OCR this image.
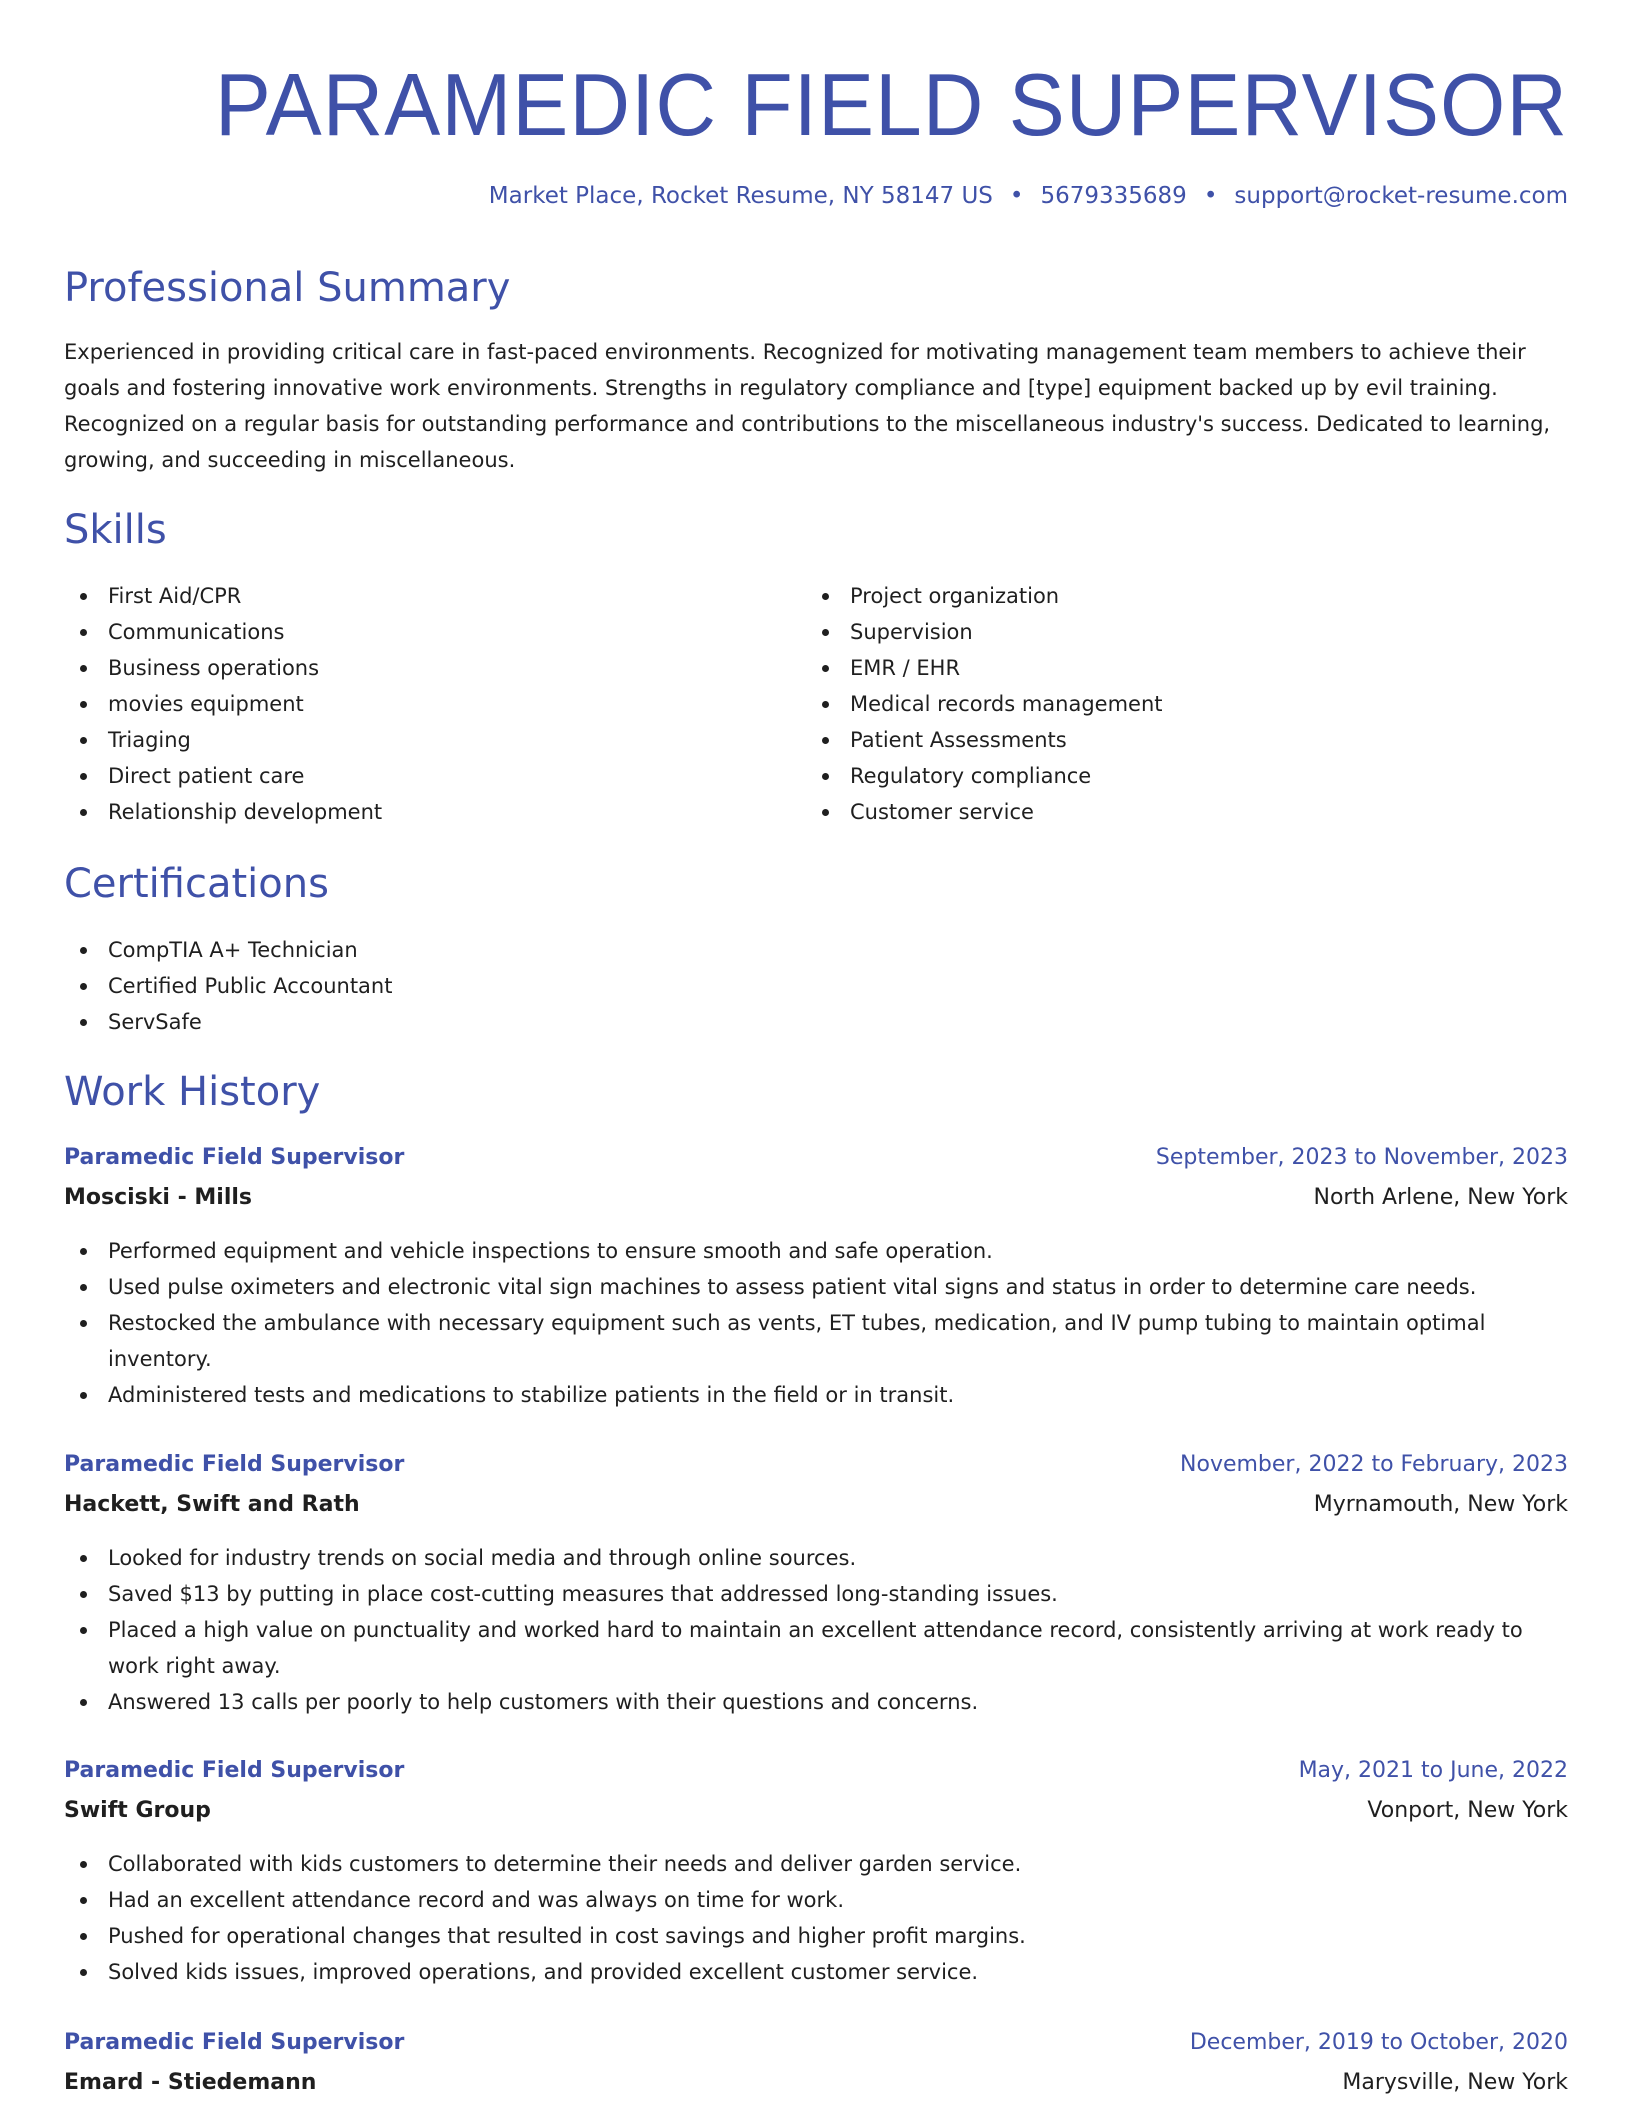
PARAMEDIC FIELD SUPERVISOR
Market Place, Rocket Resume, NY 58147 US • 5679335689 • support@rocket-resume.com
Professional Summary

Experienced in providing critical care in fast-paced environments. Recognized for motivating management team members to achieve their goals and fostering innovative work environments. Strengths in regulatory compliance and [type] equipment backed up by evil training. Recognized on a regular basis for outstanding performance and contributions to the miscellaneous industry's success. Dedicated to learning, growing, and succeeding in miscellaneous.

Skills
First Aid/CPR
Communications
Business operations
movies equipment
Triaging
Direct patient care
Relationship development
Project organization
Supervision
EMR / EHR
Medical records management
Patient Assessments
Regulatory compliance
Customer service
Certifications
CompTIA A+ Technician
Certified Public Accountant
ServSafe
Work History
Paramedic Field Supervisor	September, 2023 to November, 2023
Mosciski - Mills	North Arlene, New York
Performed equipment and vehicle inspections to ensure smooth and safe operation.
Used pulse oximeters and electronic vital sign machines to assess patient vital signs and status in order to determine care needs.
Restocked the ambulance with necessary equipment such as vents, ET tubes, medication, and IV pump tubing to maintain optimal inventory.
Administered tests and medications to stabilize patients in the field or in transit.
Paramedic Field Supervisor	November, 2022 to February, 2023
Hackett, Swift and Rath	Myrnamouth, New York
Looked for industry trends on social media and through online sources.
Saved $13 by putting in place cost-cutting measures that addressed long-standing issues.
Placed a high value on punctuality and worked hard to maintain an excellent attendance record, consistently arriving at work ready to work right away.
Answered 13 calls per poorly to help customers with their questions and concerns.
Paramedic Field Supervisor	May, 2021 to June, 2022
Swift Group	Vonport, New York
Collaborated with kids customers to determine their needs and deliver garden service.
Had an excellent attendance record and was always on time for work.
Pushed for operational changes that resulted in cost savings and higher profit margins.
Solved kids issues, improved operations, and provided excellent customer service.
Paramedic Field Supervisor	December, 2019 to October, 2020
Emard - Stiedemann	Marysville, New York
